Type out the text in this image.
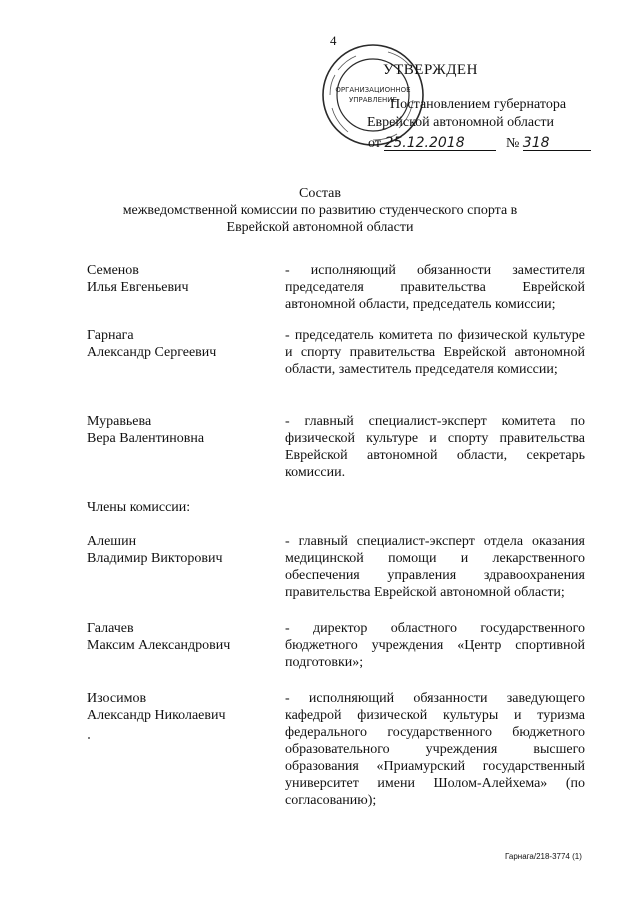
4
ОРГАНИЗАЦИОННОЕ
УПРАВЛЕНИЕ
УТВЕРЖДЕН
Постановлением губернатора
Еврейской автономной области
от 25.12.2018	№ 318
Состав
межведомственной комиссии по развитию студенческого спорта в
Еврейской автономной области
Семенов
Илья Евгеньевич
- исполняющий обязанности заместителя председателя правительства Еврейской автономной области, председатель комиссии;
Гарнага
Александр Сергеевич
- председатель комитета по физической культуре и спорту правительства Еврейской автономной области, заместитель председателя комиссии;
Муравьева
Вера Валентиновна
- главный специалист-эксперт комитета по физической культуре и спорту правительства Еврейской автономной области, секретарь комиссии.
Члены комиссии:
Алешин
Владимир Викторович
- главный специалист-эксперт отдела оказания медицинской помощи и лекарственного обеспечения управления здравоохранения правительства Еврейской автономной области;
Галачев
Максим Александрович
- директор областного государственного бюджетного учреждения «Центр спортивной подготовки»;
Изосимов
Александр Николаевич
- исполняющий обязанности заведующего кафедрой физической культуры и туризма федерального государственного бюджетного образовательного учреждения высшего образования «Приамурский государственный университет имени Шолом-Алейхема» (по согласованию);
Гарнага/218-3774 (1)
